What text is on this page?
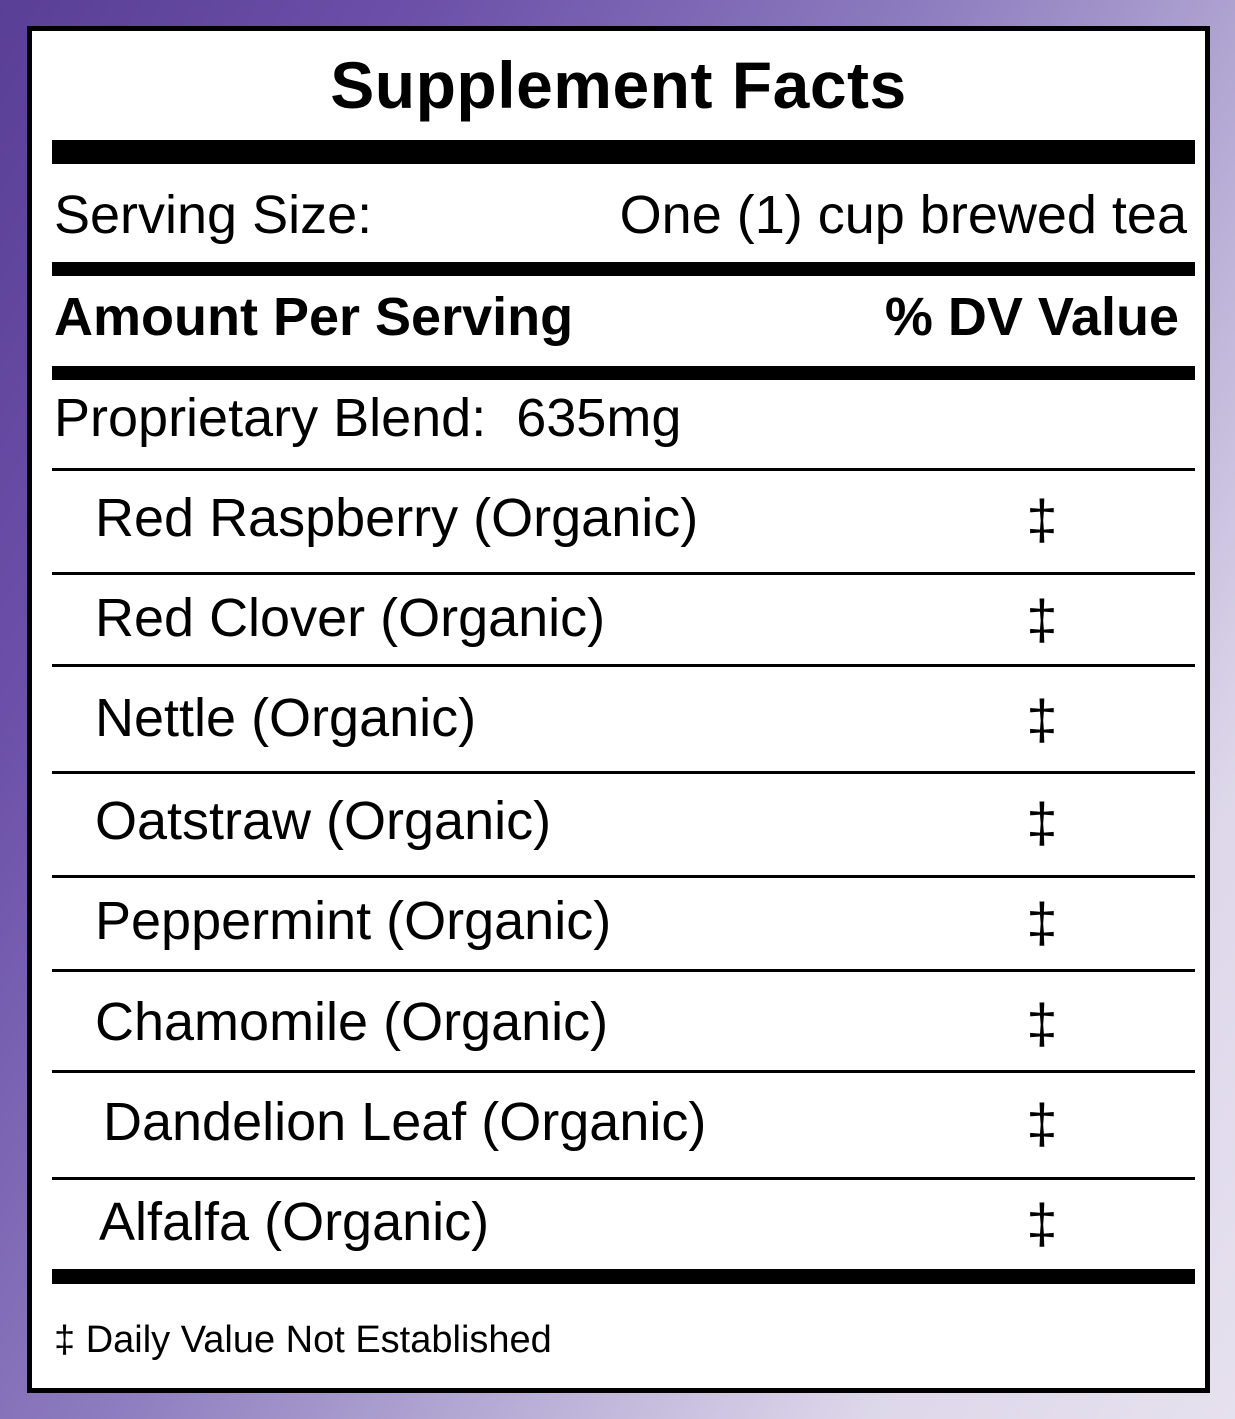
Supplement Facts
Serving Size:	One (1) cup brewed tea
Amount Per Serving	% DV Value
Proprietary Blend: 635mg
Red Raspberry (Organic)	‡
Red Clover (Organic)	‡
Nettle (Organic)	‡
Oatstraw (Organic)	‡
Peppermint (Organic)	‡
Chamomile (Organic)	‡
Dandelion Leaf (Organic)	‡
Alfalfa (Organic)	‡
‡ Daily Value Not Established
